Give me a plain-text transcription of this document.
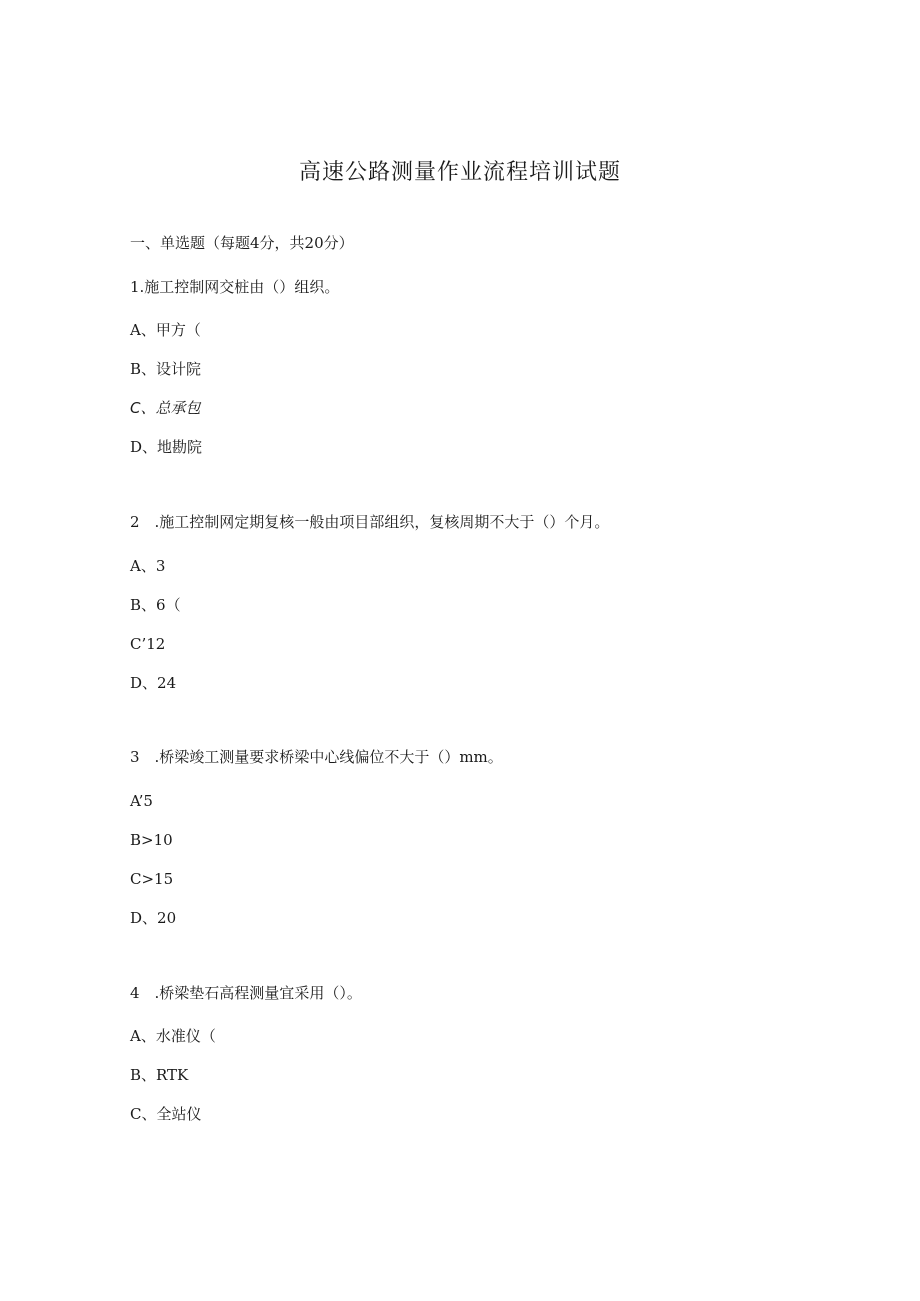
高速公路测量作业流程培训试题
一、单选题（每题4分，共20分）
1.施工控制网交桩由（）组织。
A、甲方（
B、设计院
C、总承包
D、地勘院
2　.施工控制网定期复核一般由项目部组织，复核周期不大于（）个月。
A、3
B、6（
C’12
D、24
3　.桥梁竣工测量要求桥梁中心线偏位不大于（）mm。
A’5
B>10
C>15
D、20
4　.桥梁垫石高程测量宜采用（）。
A、水准仪（
B、RTK
C、全站仪
